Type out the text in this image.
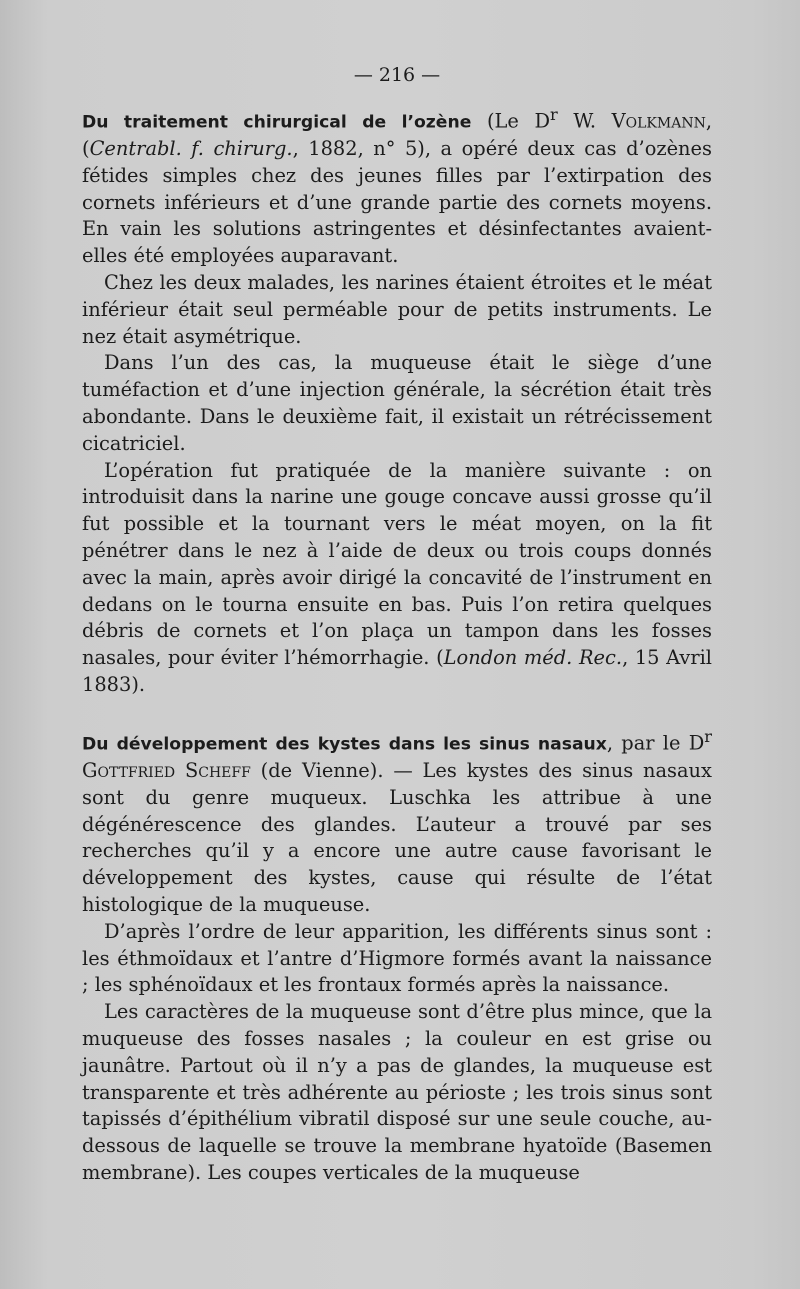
— 216 —

Du traitement chirurgical de l’ozène (Le $D^r$ W. Volkmann, (Centrabl. f. chirurg., 1882, n° 5), a opéré deux cas d’ozènes fétides simples chez des jeunes filles par l’extirpation des cornets inférieurs et d’une grande partie des cornets moyens. En vain les solutions astringentes et désinfectantes avaient-elles été employées auparavant.

Chez les deux malades, les narines étaient étroites et le méat inférieur était seul perméable pour de petits instruments. Le nez était asymétrique.

Dans l’un des cas, la muqueuse était le siège d’une tuméfaction et d’une injection générale, la sécrétion était très abondante. Dans le deuxième fait, il existait un rétrécissement cicatriciel.

L’opération fut pratiquée de la manière suivante : on introduisit dans la narine une gouge concave aussi grosse qu’il fut possible et la tournant vers le méat moyen, on la fit pénétrer dans le nez à l’aide de deux ou trois coups donnés avec la main, après avoir dirigé la concavité de l’instrument en dedans on le tourna ensuite en bas. Puis l’on retira quelques débris de cornets et l’on plaça un tampon dans les fosses nasales, pour éviter l’hémorrhagie. (London méd. Rec., 15 Avril 1883).

Du développement des kystes dans les sinus nasaux, par le $D^r$ Gottfried Scheff (de Vienne). — Les kystes des sinus nasaux sont du genre muqueux. Luschka les attribue à une dégénérescence des glandes. L’auteur a trouvé par ses recherches qu’il y a encore une autre cause favorisant le développement des kystes, cause qui résulte de l’état histologique de la muqueuse.

D’après l’ordre de leur apparition, les différents sinus sont : les éthmoïdaux et l’antre d’Higmore formés avant la naissance ; les sphénoïdaux et les frontaux formés après la naissance.

Les caractères de la muqueuse sont d’être plus mince, que la muqueuse des fosses nasales ; la couleur en est grise ou jaunâtre. Partout où il n’y a pas de glandes, la muqueuse est transparente et très adhérente au périoste ; les trois sinus sont tapissés d’épithélium vibratil disposé sur une seule couche, au-dessous de laquelle se trouve la membrane hyatoïde (Basemen membrane). Les coupes verticales de la muqueuse
